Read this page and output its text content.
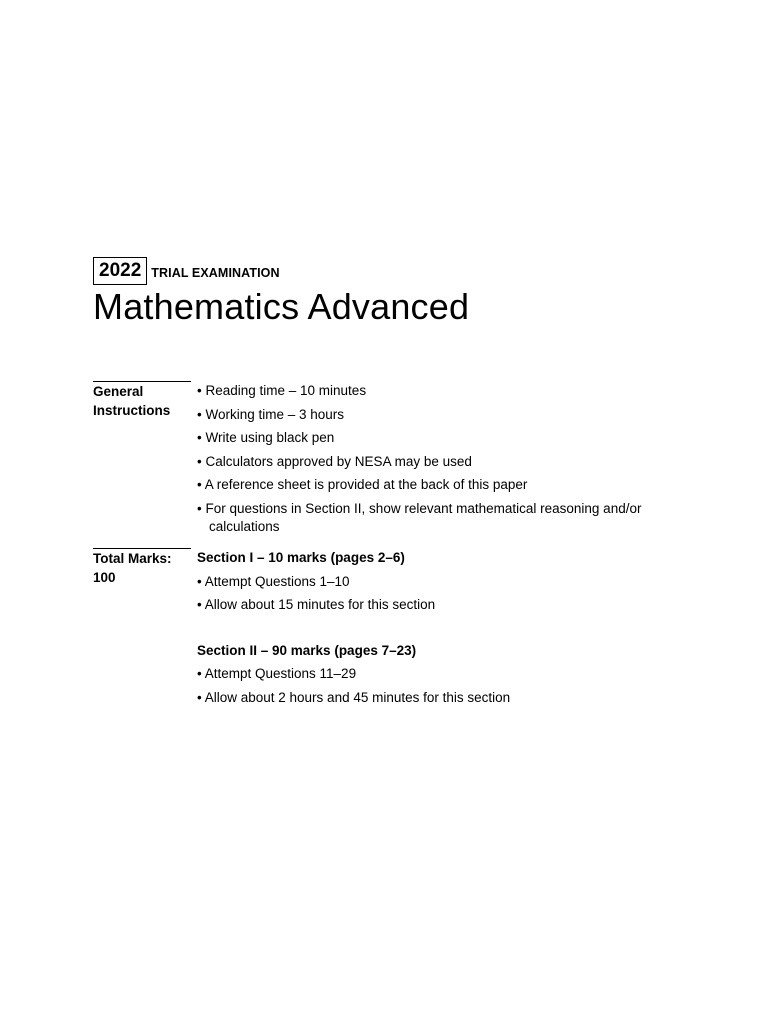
2022 TRIAL EXAMINATION
Mathematics Advanced
General
Instructions
• Reading time – 10 minutes
• Working time – 3 hours
• Write using black pen
• Calculators approved by NESA may be used
• A reference sheet is provided at the back of this paper
• For questions in Section II, show relevant mathematical reasoning and/or calculations
Total Marks:
100
Section I – 10 marks (pages 2–6)
• Attempt Questions 1–10
• Allow about 15 minutes for this section
Section II – 90 marks (pages 7–23)
• Attempt Questions 11–29
• Allow about 2 hours and 45 minutes for this section
